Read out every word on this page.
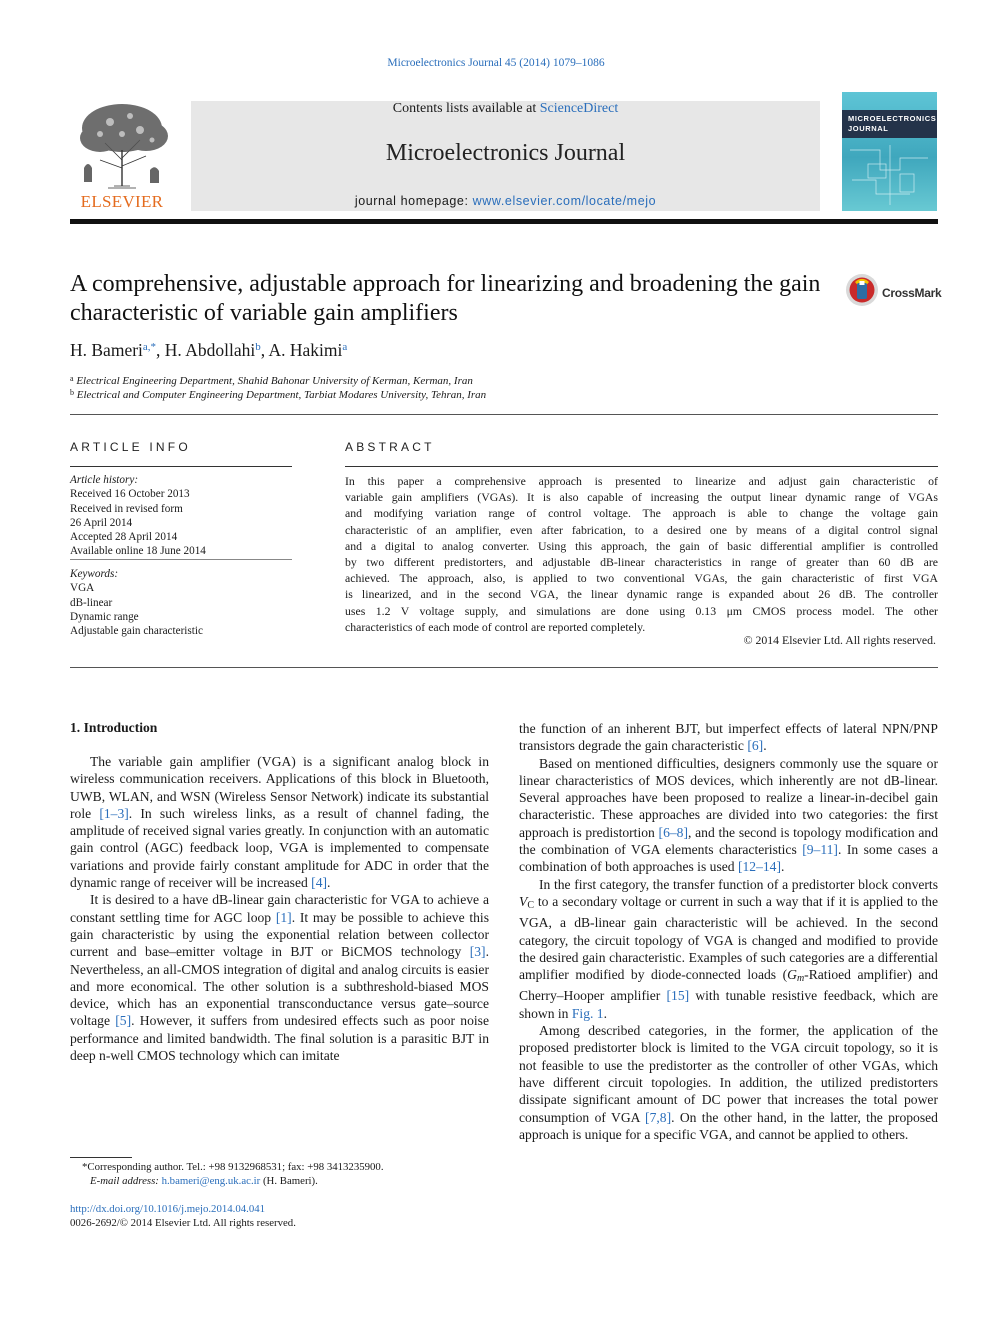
Microelectronics Journal 45 (2014) 1079–1086
ELSEVIER
Contents lists available at ScienceDirect
Microelectronics Journal
journal homepage: www.elsevier.com/locate/mejo
MICROELECTRONICS JOURNAL
A comprehensive, adjustable approach for linearizing and broadening the gain characteristic of variable gain amplifiers
CrossMark
H. Bameri$^{a,*}$, H. Abdollahi$^b$, A. Hakimi$^a$
$^a$ Electrical Engineering Department, Shahid Bahonar University of Kerman, Kerman, Iran
$^b$ Electrical and Computer Engineering Department, Tarbiat Modares University, Tehran, Iran
ARTICLE INFO
Article history:
Received 16 October 2013
Received in revised form
26 April 2014
Accepted 28 April 2014
Available online 18 June 2014
Keywords:
VGA
dB-linear
Dynamic range
Adjustable gain characteristic
ABSTRACT
In this paper a comprehensive approach is presented to linearize and adjust gain characteristic of
variable gain amplifiers (VGAs). It is also capable of increasing the output linear dynamic range of VGAs
and modifying variation range of control voltage. The approach is able to change the voltage gain
characteristic of an amplifier, even after fabrication, to a desired one by means of a digital control signal
and a digital to analog converter. Using this approach, the gain of basic differential amplifier is controlled
by two different predistorters, and adjustable dB-linear characteristics in range of greater than 60 dB are
achieved. The approach, also, is applied to two conventional VGAs, the gain characteristic of first VGA
is linearized, and in the second VGA, the linear dynamic range is expanded about 26 dB. The controller
uses 1.2 V voltage supply, and simulations are done using 0.13 μm CMOS process model. The other
characteristics of each mode of control are reported completely.
© 2014 Elsevier Ltd. All rights reserved.
1. Introduction

The variable gain amplifier (VGA) is a significant analog block in wireless communication receivers. Applications of this block in Bluetooth, UWB, WLAN, and WSN (Wireless Sensor Network) indicate its substantial role [1–3]. In such wireless links, as a result of channel fading, the amplitude of received signal varies greatly. In conjunction with an automatic gain control (AGC) feedback loop, VGA is implemented to compensate variations and provide fairly constant amplitude for ADC in order that the dynamic range of receiver will be increased [4].

It is desired to a have dB-linear gain characteristic for VGA to achieve a constant settling time for AGC loop [1]. It may be possible to achieve this gain characteristic by using the exponential relation between collector current and base–emitter voltage in BJT or BiCMOS technology [3]. Nevertheless, an all-CMOS integration of digital and analog circuits is easier and more economical. The other solution is a subthreshold-biased MOS device, which has an exponential transconductance versus gate–source voltage [5]. However, it suffers from undesired effects such as poor noise performance and limited bandwidth. The final solution is a parasitic BJT in deep n-well CMOS technology which can imitate

the function of an inherent BJT, but imperfect effects of lateral NPN/PNP transistors degrade the gain characteristic [6].

Based on mentioned difficulties, designers commonly use the square or linear characteristics of MOS devices, which inherently are not dB-linear. Several approaches have been proposed to realize a linear-in-decibel gain characteristic. These approaches are divided into two categories: the first approach is predistortion [6–8], and the second is topology modification and the combination of VGA elements characteristics [9–11]. In some cases a combination of both approaches is used [12–14].

In the first category, the transfer function of a predistorter block converts $V_C$ to a secondary voltage or current in such a way that if it is applied to the VGA, a dB-linear gain characteristic will be achieved. In the second category, the circuit topology of VGA is changed and modified to provide the desired gain characteristic. Examples of such categories are a differential amplifier modified by diode-connected loads ($G_m$-Ratioed amplifier) and Cherry–Hooper amplifier [15] with tunable resistive feedback, which are shown in Fig. 1.

Among described categories, in the former, the application of the proposed predistorter block is limited to the VGA circuit topology, so it is not feasible to use the predistorter as the controller of other VGAs, which have different circuit topologies. In addition, the utilized predistorters dissipate significant amount of DC power that increases the total power consumption of VGA [7,8]. On the other hand, in the latter, the proposed approach is unique for a specific VGA, and cannot be applied to others.

*Corresponding author. Tel.: +98 9132968531; fax: +98 3413235900.
E-mail address: h.bameri@eng.uk.ac.ir (H. Bameri).
http://dx.doi.org/10.1016/j.mejo.2014.04.041
0026-2692/© 2014 Elsevier Ltd. All rights reserved.
